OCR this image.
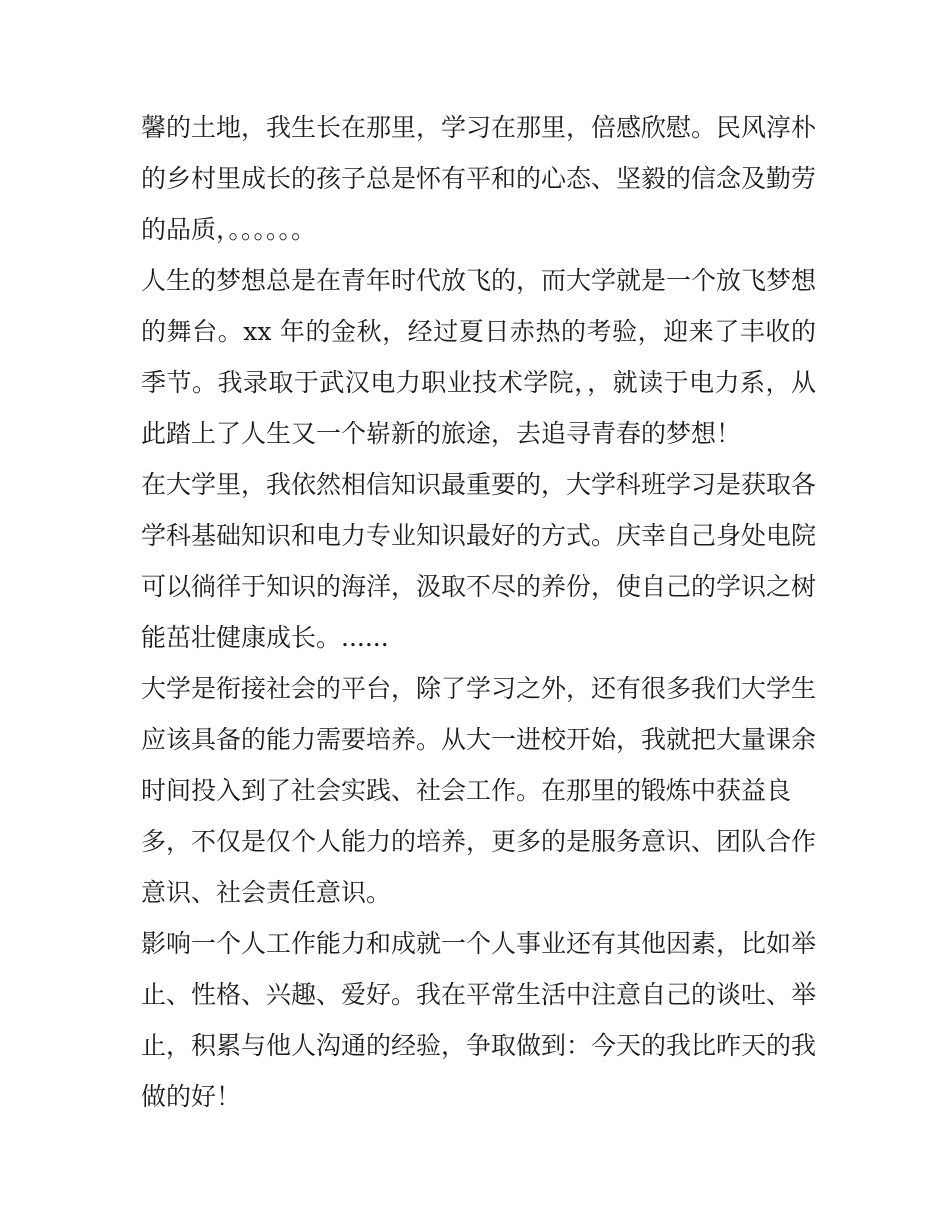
馨的土地，我生长在那里，学习在那里，倍感欣慰。民风淳朴
的乡村里成长的孩子总是怀有平和的心态、坚毅的信念及勤劳
的品质，。。。。。。
人生的梦想总是在青年时代放飞的，而大学就是一个放飞梦想
的舞台。xx 年的金秋，经过夏日赤热的考验，迎来了丰收的
季节。我录取于武汉电力职业技术学院，，就读于电力系，从
此踏上了人生又一个崭新的旅途，去追寻青春的梦想！
在大学里，我依然相信知识最重要的，大学科班学习是获取各
学科基础知识和电力专业知识最好的方式。庆幸自己身处电院
可以徜徉于知识的海洋，汲取不尽的养份，使自己的学识之树
能茁壮健康成长。......
大学是衔接社会的平台，除了学习之外，还有很多我们大学生
应该具备的能力需要培养。从大一进校开始，我就把大量课余
时间投入到了社会实践、社会工作。在那里的锻炼中获益良
多，不仅是仅个人能力的培养，更多的是服务意识、团队合作
意识、社会责任意识。
影响一个人工作能力和成就一个人事业还有其他因素，比如举
止、性格、兴趣、爱好。我在平常生活中注意自己的谈吐、举
止，积累与他人沟通的经验，争取做到：今天的我比昨天的我
做的好！
